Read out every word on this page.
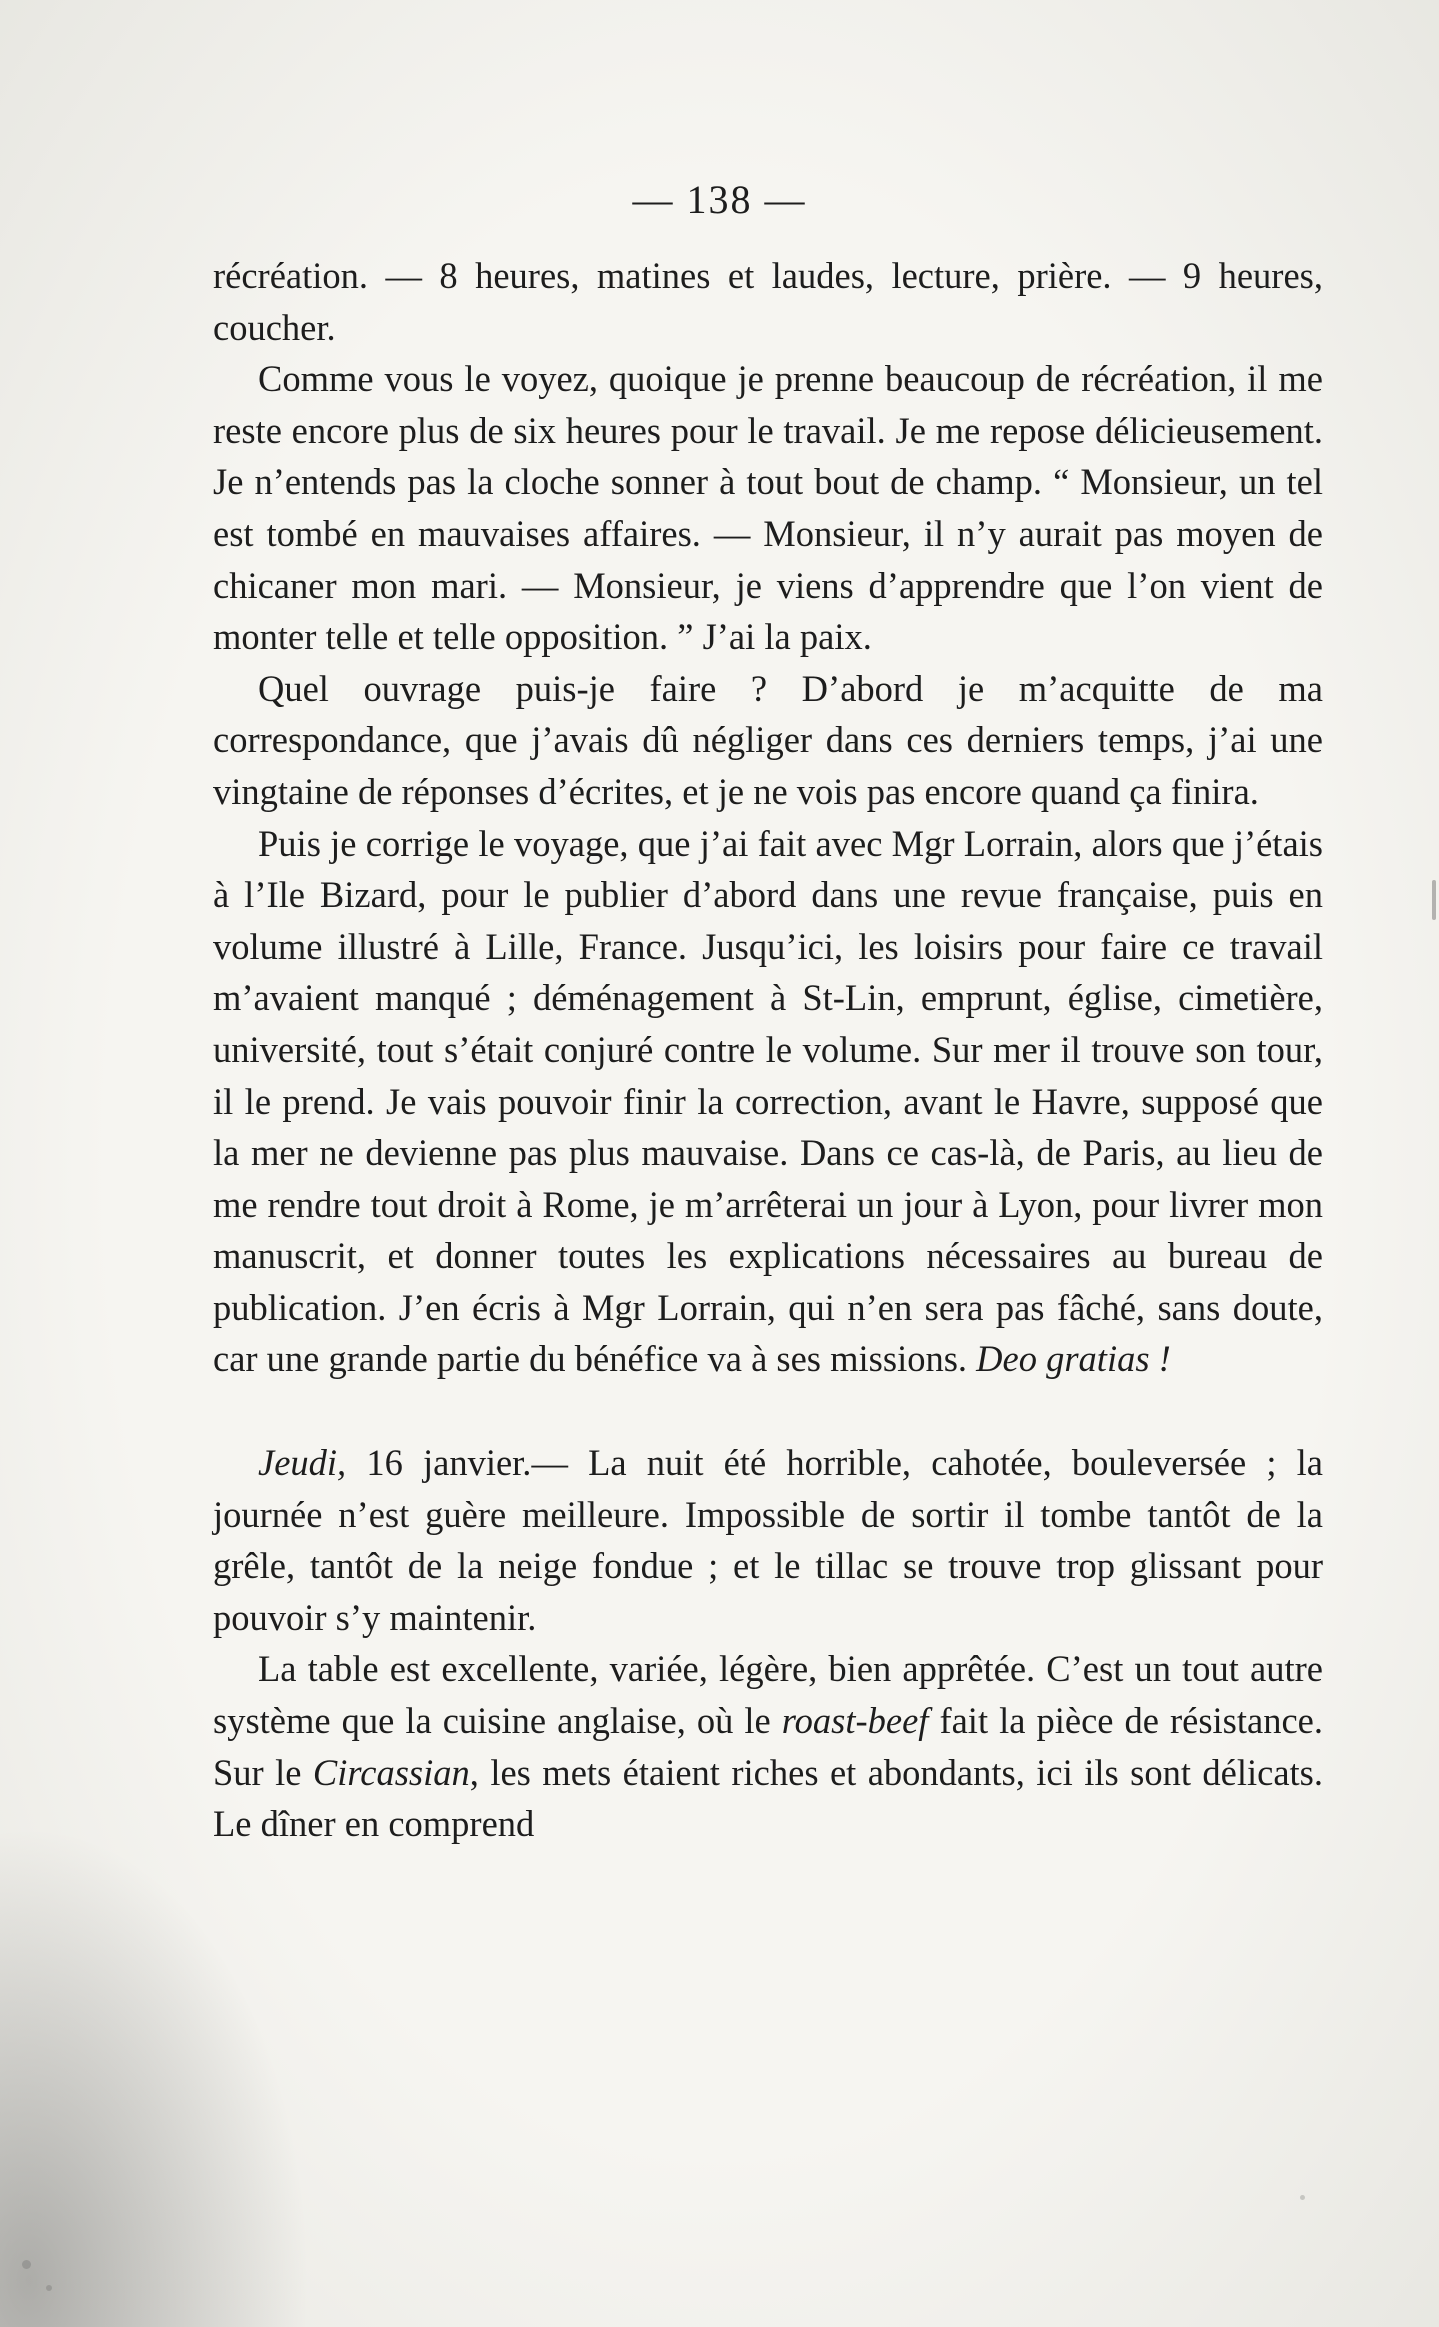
— 138 —

récréation. — 8 heures, matines et laudes, lecture, prière. — 9 heures, coucher.

Comme vous le voyez, quoique je prenne beaucoup de récréation, il me reste encore plus de six heures pour le travail. Je me repose délicieusement. Je n’entends pas la cloche sonner à tout bout de champ. “ Monsieur, un tel est tombé en mauvaises affaires. — Monsieur, il n’y aurait pas moyen de chicaner mon mari. — Monsieur, je viens d’apprendre que l’on vient de monter telle et telle opposition. ” J’ai la paix.

Quel ouvrage puis-je faire ? D’abord je m’acquitte de ma correspondance, que j’avais dû négliger dans ces derniers temps, j’ai une vingtaine de réponses d’écrites, et je ne vois pas encore quand ça finira.

Puis je corrige le voyage, que j’ai fait avec Mgr Lorrain, alors que j’étais à l’Ile Bizard, pour le publier d’abord dans une revue française, puis en volume illustré à Lille, France. Jusqu’ici, les loisirs pour faire ce travail m’avaient manqué ; déménagement à St-Lin, emprunt, église, cimetière, université, tout s’était conjuré contre le volume. Sur mer il trouve son tour, il le prend. Je vais pouvoir finir la correction, avant le Havre, supposé que la mer ne devienne pas plus mauvaise. Dans ce cas-là, de Paris, au lieu de me rendre tout droit à Rome, je m’arrêterai un jour à Lyon, pour livrer mon manuscrit, et donner toutes les explications nécessaires au bureau de publication. J’en écris à Mgr Lorrain, qui n’en sera pas fâché, sans doute, car une grande partie du bénéfice va à ses missions. Deo gratias !

Jeudi, 16 janvier.— La nuit été horrible, cahotée, bouleversée ; la journée n’est guère meilleure. Impossible de sortir il tombe tantôt de la grêle, tantôt de la neige fondue ; et le tillac se trouve trop glissant pour pouvoir s’y maintenir.

La table est excellente, variée, légère, bien apprêtée. C’est un tout autre système que la cuisine anglaise, où le roast-beef fait la pièce de résistance. Sur le Circassian, les mets étaient riches et abondants, ici ils sont délicats. Le dîner en comprend
